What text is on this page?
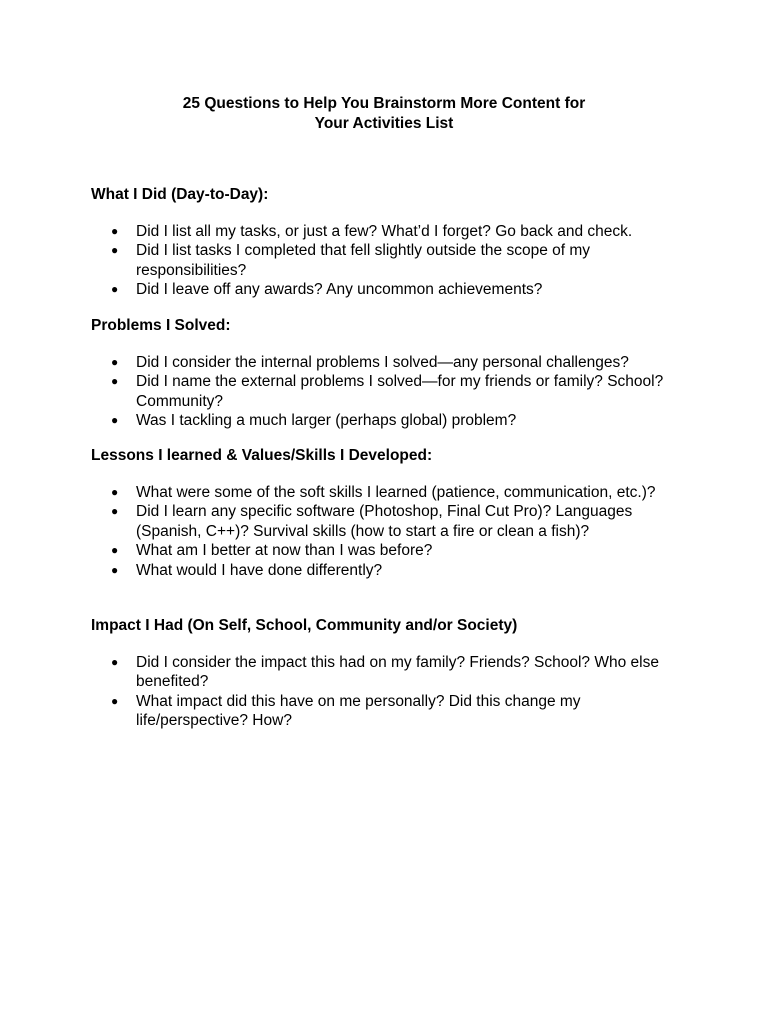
25 Questions to Help You Brainstorm More Content for
Your Activities List

What I Did (Day-to-Day):

● Did I list all my tasks, or just a few? What’d I forget? Go back and check.
● Did I list tasks I completed that fell slightly outside the scope of my responsibilities?
● Did I leave off any awards? Any uncommon achievements?

Problems I Solved:

● Did I consider the internal problems I solved—any personal challenges?
● Did I name the external problems I solved—for my friends or family? School? Community?
● Was I tackling a much larger (perhaps global) problem?

Lessons I learned & Values/Skills I Developed:

● What were some of the soft skills I learned (patience, communication, etc.)?
● Did I learn any specific software (Photoshop, Final Cut Pro)? Languages (Spanish, C++)? Survival skills (how to start a fire or clean a fish)?
● What am I better at now than I was before?
● What would I have done differently?

Impact I Had (On Self, School, Community and/or Society)

● Did I consider the impact this had on my family? Friends? School? Who else benefited?
● What impact did this have on me personally? Did this change my life/perspective? How?
